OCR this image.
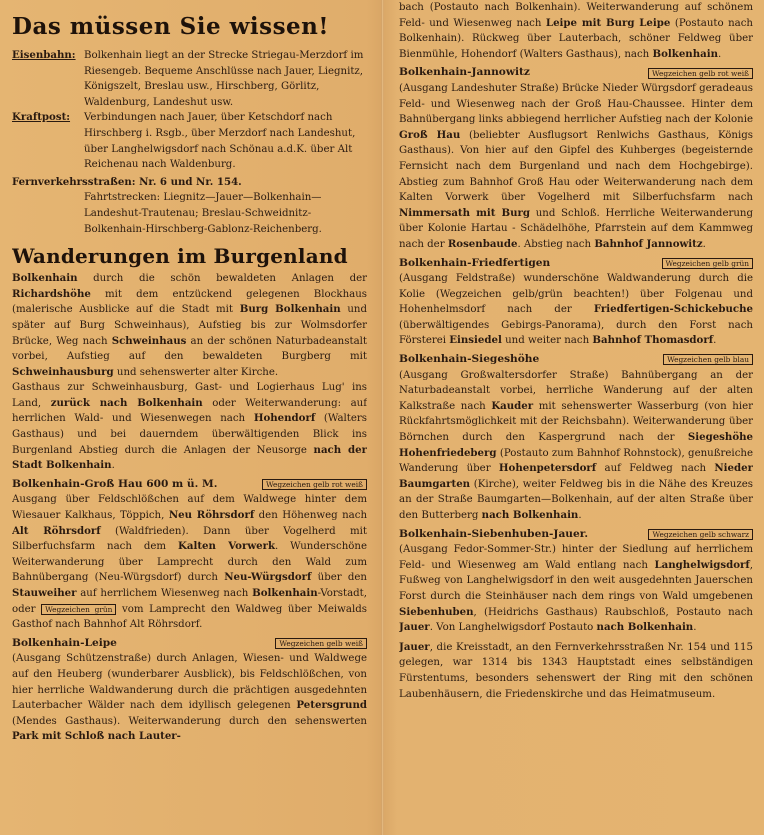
Das müssen Sie wissen!
Eisenbahn: Bolkenhain liegt an der Strecke Striegau-Merzdorf im Riesengeb. Bequeme Anschlüsse nach Jauer, Liegnitz, Königszelt, Breslau usw., Hirschberg, Görlitz, Waldenburg, Landeshut usw.

Kraftpost:	Verbindungen nach Jauer, über Ketschdorf nach Hirschberg i. Rsgb., über Merzdorf nach Landeshut, über Langhelwigsdorf nach Schönau a.d.K. über Alt Reichenau nach Waldenburg.

Fernverkehrsstraßen: Nr. 6 und Nr. 154.

Fahrtstrecken: Liegnitz—Jauer—Bolkenhain—Landeshut-Trautenau; Breslau-Schweidnitz-Bolkenhain-Hirschberg-Gablonz-Reichenberg.

Wanderungen im Burgenland

Bolkenhain durch die schön bewaldeten Anlagen der Richardshöhe mit dem entzückend gelegenen Blockhaus (malerische Ausblicke auf die Stadt mit Burg Bolkenhain und später auf Burg Schweinhaus), Aufstieg bis zur Wolmsdorfer Brücke, Weg nach Schweinhaus an der schönen Naturbadeanstalt vorbei, Aufstieg auf den bewaldeten Burgberg mit Schweinhausburg und sehenswerter alter Kirche.

Gasthaus zur Schweinhausburg, Gast- und Logierhaus Lug' ins Land, zurück nach Bolkenhain oder Weiterwanderung: auf herrlichen Wald- und Wiesenwegen nach Hohendorf (Walters Gasthaus) und bei dauerndem überwältigenden Blick ins Burgenland Abstieg durch die Anlagen der Neusorge nach der Stadt Bolkenhain.

Bolkenhain-Groß Hau 600 m ü. M.	Wegzeichen gelb rot weiß

Ausgang über Feldschlößchen auf dem Waldwege hinter dem Wiesauer Kalkhaus, Töppich, Neu Röhrsdorf den Höhenweg nach Alt Röhrsdorf (Waldfrieden). Dann über Vogelherd mit Silberfuchsfarm nach dem Kalten Vorwerk. Wunderschöne Weiterwanderung über Lamprecht durch den Wald zum Bahnübergang (Neu-Würgsdorf) durch Neu-Würgsdorf über den Stauweiher auf herrlichem Wiesenweg nach Bolkenhain-Vorstadt, oder Wegzeichen grün vom Lamprecht den Waldweg über Meiwalds Gasthof nach Bahnhof Alt Röhrsdorf.

Bolkenhain-Leipe	Wegzeichen gelb weiß

(Ausgang Schützenstraße) durch Anlagen, Wiesen- und Waldwege auf den Heuberg (wunderbarer Ausblick), bis Feldschlößchen, von hier herrliche Waldwanderung durch die prächtigen ausgedehnten Lauterbacher Wälder nach dem idyllisch gelegenen Petersgrund (Mendes Gasthaus). Weiterwanderung durch den sehenswerten Park mit Schloß nach Lauter-

bach (Postauto nach Bolkenhain). Weiterwanderung auf schönem Feld- und Wiesenweg nach Leipe mit Burg Leipe (Postauto nach Bolkenhain). Rückweg über Lauterbach, schöner Feldweg über Bienmühle, Hohendorf (Walters Gasthaus), nach Bolkenhain.

Bolkenhain-Jannowitz	Wegzeichen gelb rot weiß

(Ausgang Landeshuter Straße) Brücke Nieder Würgsdorf geradeaus Feld- und Wiesenweg nach der Groß Hau-Chaussee. Hinter dem Bahnübergang links abbiegend herrlicher Aufstieg nach der Kolonie Groß Hau (beliebter Ausflugsort Renlwichs Gasthaus, Königs Gasthaus). Von hier auf den Gipfel des Kuhberges (begeisternde Fernsicht nach dem Burgenland und nach dem Hochgebirge). Abstieg zum Bahnhof Groß Hau oder Weiterwanderung nach dem Kalten Vorwerk über Vogelherd mit Silberfuchsfarm nach Nimmersath mit Burg und Schloß. Herrliche Weiterwanderung über Kolonie Hartau - Schädelhöhe, Pfarrstein auf dem Kammweg nach der Rosenbaude. Abstieg nach Bahnhof Jannowitz.

Bolkenhain-Friedfertigen	Wegzeichen gelb grün

(Ausgang Feldstraße) wunderschöne Waldwanderung durch die Kolie (Wegzeichen gelb/grün beachten!) über Folgenau und Hohenhelmsdorf nach der Friedfertigen-Schickebuche (überwältigendes Gebirgs-Panorama), durch den Forst nach Försterei Einsiedel und weiter nach Bahnhof Thomasdorf.

Bolkenhain-Siegeshöhe	Wegzeichen gelb blau

(Ausgang Großwaltersdorfer Straße) Bahnübergang an der Naturbadeanstalt vorbei, herrliche Wanderung auf der alten Kalkstraße nach Kauder mit sehenswerter Wasserburg (von hier Rückfahrtsmöglichkeit mit der Reichsbahn). Weiterwanderung über Börnchen durch den Kaspergrund nach der Siegeshöhe Hohenfriedeberg (Postauto zum Bahnhof Rohnstock), genußreiche Wanderung über Hohenpetersdorf auf Feldweg nach Nieder Baumgarten (Kirche), weiter Feldweg bis in die Nähe des Kreuzes an der Straße Baumgarten—Bolkenhain, auf der alten Straße über den Butterberg nach Bolkenhain.

Bolkenhain-Siebenhuben-Jauer.	Wegzeichen gelb schwarz

(Ausgang Fedor-Sommer-Str.) hinter der Siedlung auf herrlichem Feld- und Wiesenweg am Wald entlang nach Langhelwigsdorf, Fußweg von Langhelwigsdorf in den weit ausgedehnten Jauerschen Forst durch die Steinhäuser nach dem rings von Wald umgebenen Siebenhuben, (Heidrichs Gasthaus) Raubschloß, Postauto nach Jauer. Von Langhelwigsdorf Postauto nach Bolkenhain.

Jauer, die Kreisstadt, an den Fernverkehrsstraßen Nr. 154 und 115 gelegen, war 1314 bis 1343 Hauptstadt eines selbständigen Fürstentums, besonders sehenswert der Ring mit den schönen Laubenhäusern, die Friedenskirche und das Heimatmuseum.
